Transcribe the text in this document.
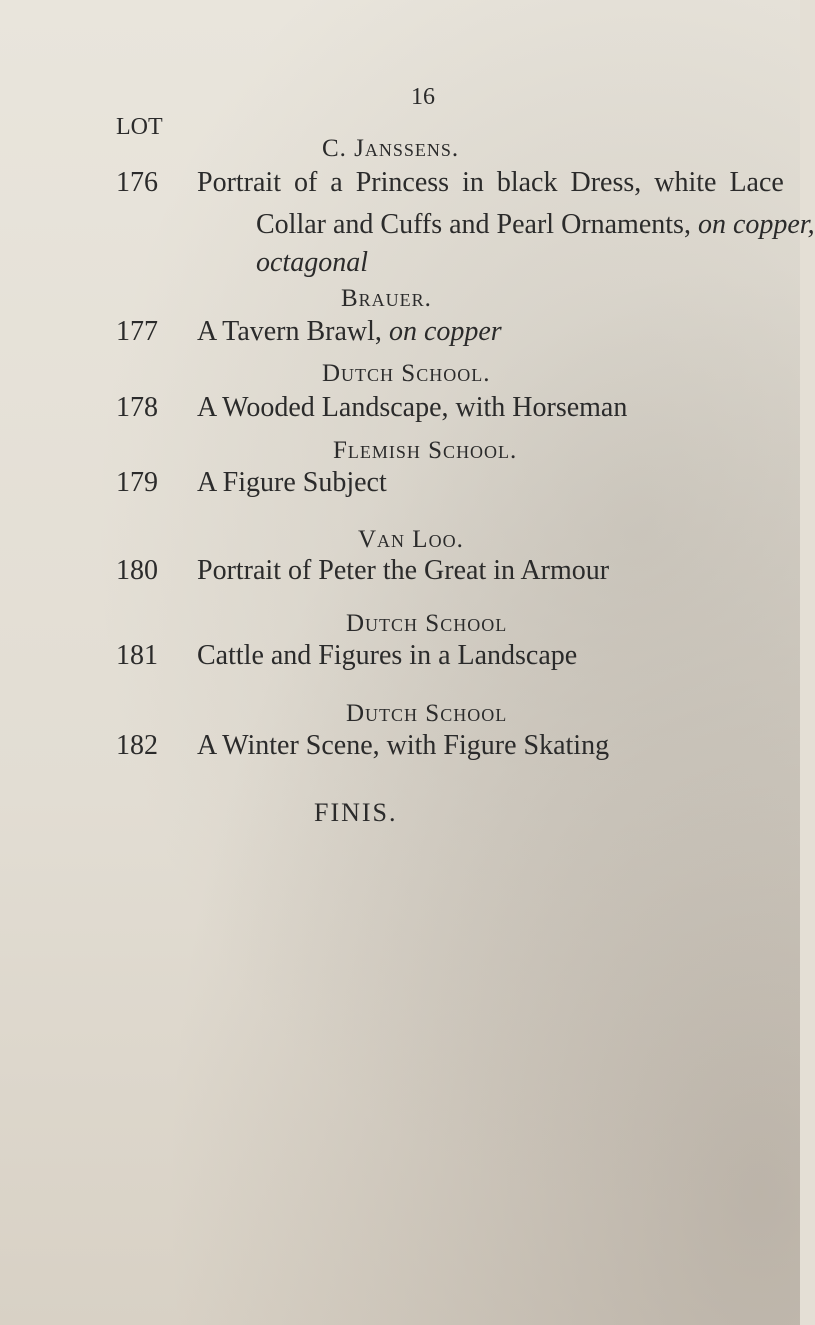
16
LOT
C. Janssens.
176 Portrait of a Princess in black Dress, white Lace
Collar and Cuffs and Pearl Ornaments, on copper,
octagonal
Brauer.
177 A Tavern Brawl, on copper
Dutch School.
178 A Wooded Landscape, with Horseman
Flemish School.
179 A Figure Subject
Van Loo.
180 Portrait of Peter the Great in Armour
Dutch School
181 Cattle and Figures in a Landscape
Dutch School
182 A Winter Scene, with Figure Skating
FINIS.
